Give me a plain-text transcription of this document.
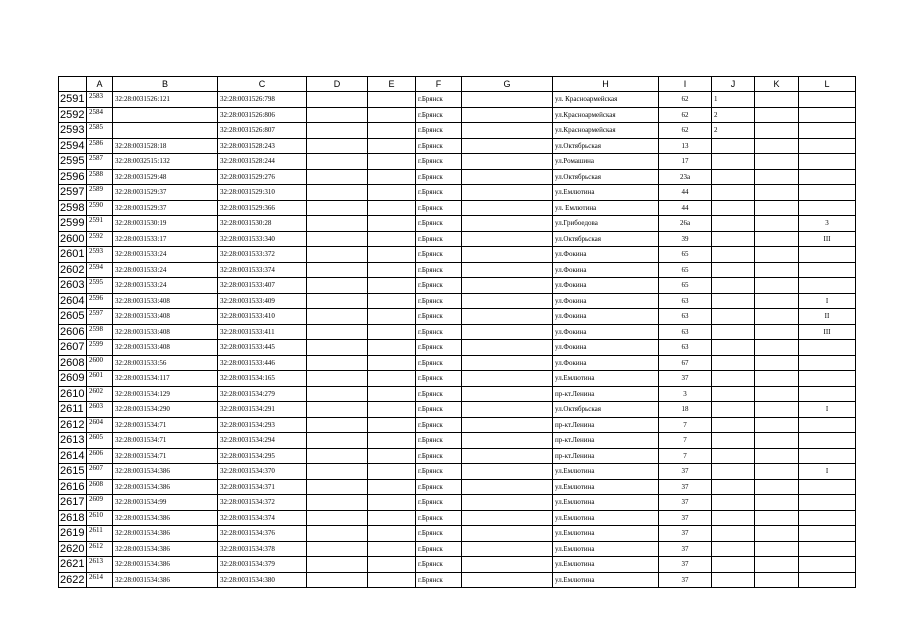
	A	B	C	D	E	F	G	H	I	J	K	L
2591	2583	32:28:0031526:121	32:28:0031526:798			г.Брянск		ул. Красноармейская	62	1		
2592	2584		32:28:0031526:806			г.Брянск		ул.Красноармейская	62	2		
2593	2585		32:28:0031526:807			г.Брянск		ул.Красноармейская	62	2		
2594	2586	32:28:0031528:18	32:28:0031528:243			г.Брянск		ул.Октябрьская	13			
2595	2587	32:28:0032515:132	32:28:0031528:244			г.Брянск		ул.Ромашина	17			
2596	2588	32:28:0031529:48	32:28:0031529:276			г.Брянск		ул.Октябрьская	23а			
2597	2589	32:28:0031529:37	32:28:0031529:310			г.Брянск		ул.Емлютина	44			
2598	2590	32:28:0031529:37	32:28:0031529:366			г.Брянск		ул. Емлютина	44			
2599	2591	32:28:0031530:19	32:28:0031530:28			г.Брянск		ул.Грибоедова	26а			3
2600	2592	32:28:0031533:17	32:28:0031533:340			г.Брянск		ул.Октябрьская	39			III
2601	2593	32:28:0031533:24	32:28:0031533:372			г.Брянск		ул.Фокина	65			
2602	2594	32:28:0031533:24	32:28:0031533:374			г.Брянск		ул.Фокина	65			
2603	2595	32:28:0031533:24	32:28:0031533:407			г.Брянск		ул.Фокина	65			
2604	2596	32:28:0031533:408	32:28:0031533:409			г.Брянск		ул.Фокина	63			I
2605	2597	32:28:0031533:408	32:28:0031533:410			г.Брянск		ул.Фокина	63			II
2606	2598	32:28:0031533:408	32:28:0031533:411			г.Брянск		ул.Фокина	63			III
2607	2599	32:28:0031533:408	32:28:0031533:445			г.Брянск		ул.Фокина	63			
2608	2600	32:28:0031533:56	32:28:0031533:446			г.Брянск		ул.Фокина	67			
2609	2601	32:28:0031534:117	32:28:0031534:165			г.Брянск		ул.Емлютина	37			
2610	2602	32:28:0031534:129	32:28:0031534:279			г.Брянск		пр-кт.Ленина	3			
2611	2603	32:28:0031534:290	32:28:0031534:291			г.Брянск		ул.Октябрьская	18			I
2612	2604	32:28:0031534:71	32:28:0031534:293			г.Брянск		пр-кт.Ленина	7			
2613	2605	32:28:0031534:71	32:28:0031534:294			г.Брянск		пр-кт.Ленина	7			
2614	2606	32:28:0031534:71	32:28:0031534:295			г.Брянск		пр-кт.Ленина	7			
2615	2607	32:28:0031534:386	32:28:0031534:370			г.Брянск		ул.Емлютина	37			I
2616	2608	32:28:0031534:386	32:28:0031534:371			г.Брянск		ул.Емлютина	37			
2617	2609	32:28:0031534:99	32:28:0031534:372			г.Брянск		ул.Емлютина	37			
2618	2610	32:28:0031534:386	32:28:0031534:374			г.Брянск		ул.Емлютина	37			
2619	2611	32:28:0031534:386	32:28:0031534:376			г.Брянск		ул.Емлютина	37			
2620	2612	32:28:0031534:386	32:28:0031534:378			г.Брянск		ул.Емлютина	37			
2621	2613	32:28:0031534:386	32:28:0031534:379			г.Брянск		ул.Емлютина	37			
2622	2614	32:28:0031534:386	32:28:0031534:380			г.Брянск		ул.Емлютина	37			
